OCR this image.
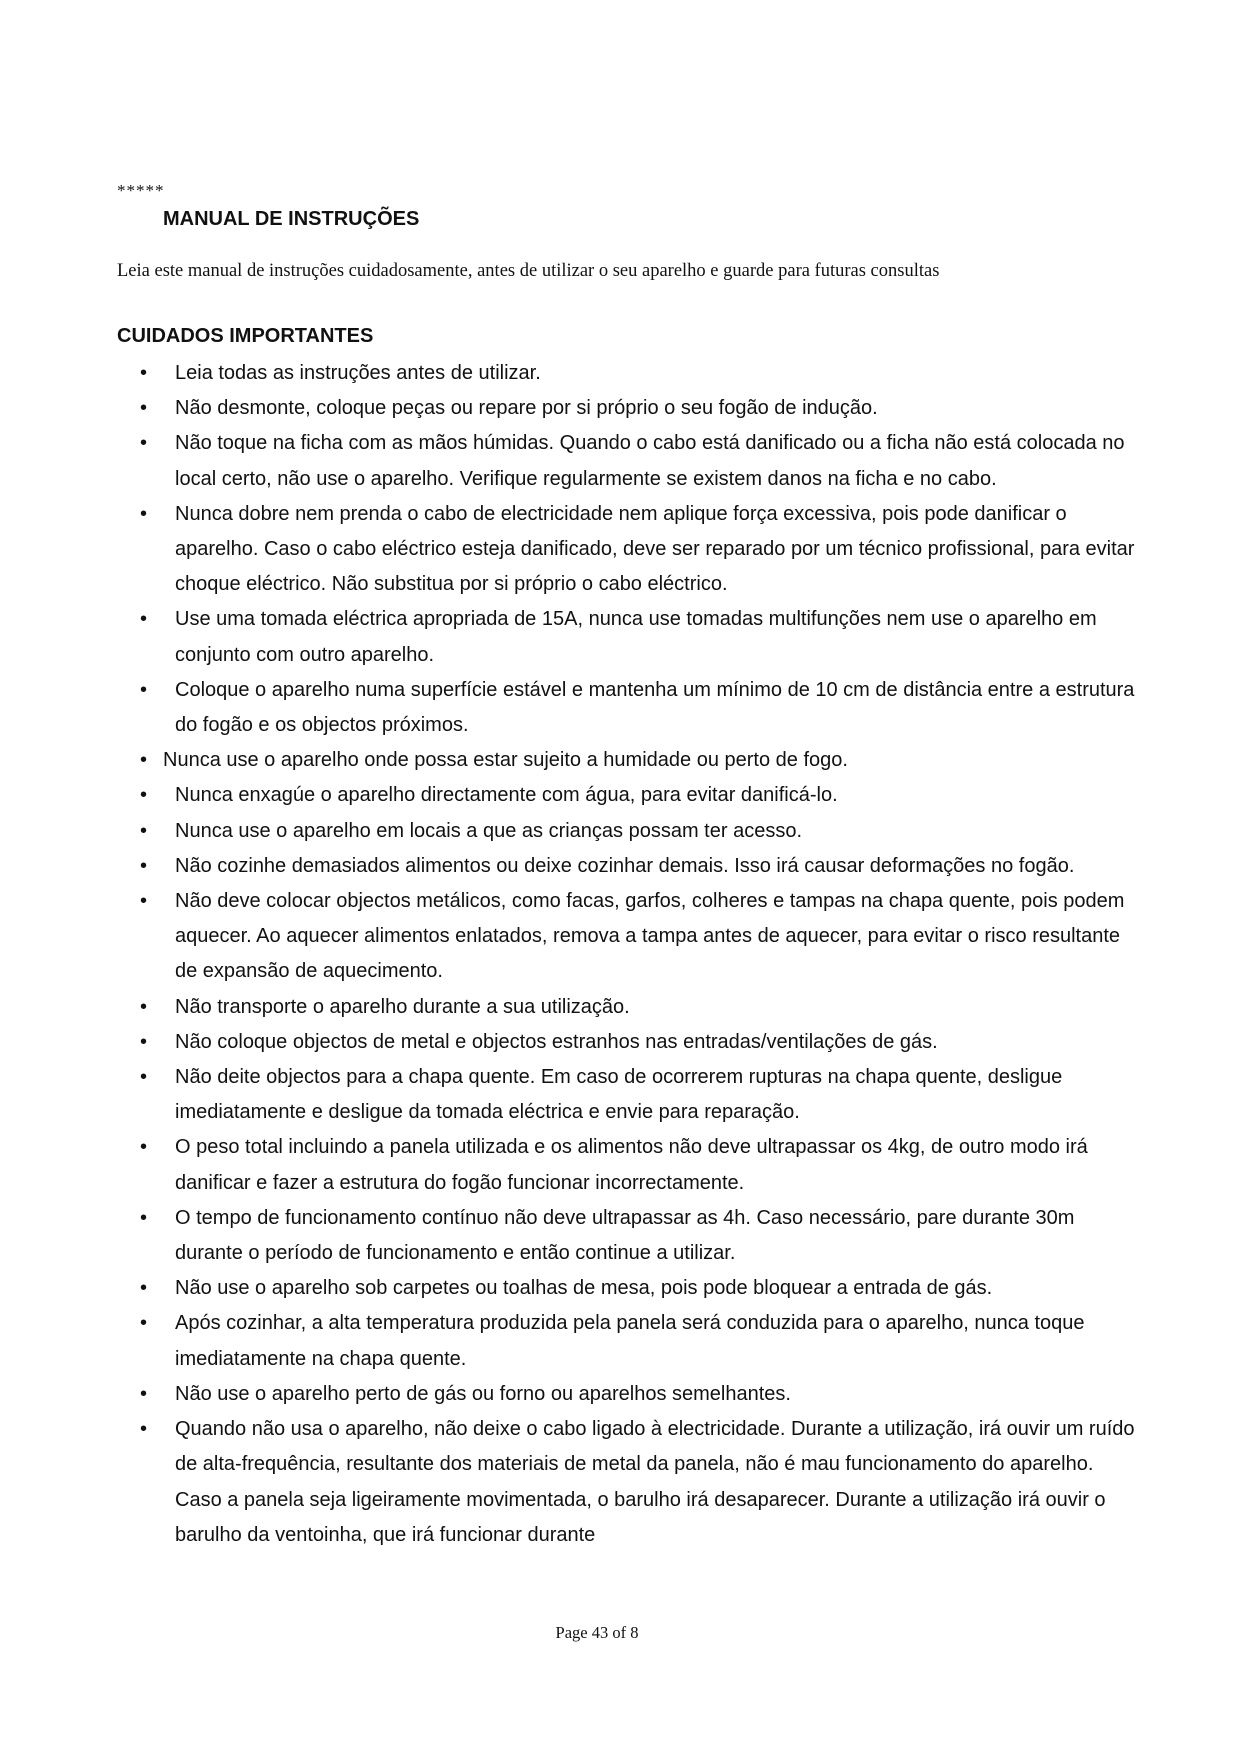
*****
MANUAL DE INSTRUÇÕES

Leia este manual de instruções cuidadosamente, antes de utilizar o seu aparelho e guarde para futuras consultas

CUIDADOS IMPORTANTES
• Leia todas as instruções antes de utilizar.
• Não desmonte, coloque peças ou repare por si próprio o seu fogão de indução.
• Não toque na ficha com as mãos húmidas. Quando o cabo está danificado ou a ficha não está colocada no local certo, não use o aparelho. Verifique regularmente se existem danos na ficha e no cabo.
• Nunca dobre nem prenda o cabo de electricidade nem aplique força excessiva, pois pode danificar o aparelho. Caso o cabo eléctrico esteja danificado, deve ser reparado por um técnico profissional, para evitar choque eléctrico. Não substitua por si próprio o cabo eléctrico.
• Use uma tomada eléctrica apropriada de 15A, nunca use tomadas multifunções nem use o aparelho em conjunto com outro aparelho.
• Coloque o aparelho numa superfície estável e mantenha um mínimo de 10 cm de distância entre a estrutura do fogão e os objectos próximos.
• Nunca use o aparelho onde possa estar sujeito a humidade ou perto de fogo.
• Nunca enxagúe o aparelho directamente com água, para evitar danificá-lo.
• Nunca use o aparelho em locais a que as crianças possam ter acesso.
• Não cozinhe demasiados alimentos ou deixe cozinhar demais. Isso irá causar deformações no fogão.
• Não deve colocar objectos metálicos, como facas, garfos, colheres e tampas na chapa quente, pois podem aquecer. Ao aquecer alimentos enlatados, remova a tampa antes de aquecer, para evitar o risco resultante de expansão de aquecimento.
• Não transporte o aparelho durante a sua utilização.
• Não coloque objectos de metal e objectos estranhos nas entradas/ventilações de gás.
• Não deite objectos para a chapa quente. Em caso de ocorrerem rupturas na chapa quente, desligue imediatamente e desligue da tomada eléctrica e envie para reparação.
• O peso total incluindo a panela utilizada e os alimentos não deve ultrapassar os 4kg, de outro modo irá danificar e fazer a estrutura do fogão funcionar incorrectamente.
• O tempo de funcionamento contínuo não deve ultrapassar as 4h. Caso necessário, pare durante 30m durante o período de funcionamento e então continue a utilizar.
• Não use o aparelho sob carpetes ou toalhas de mesa, pois pode bloquear a entrada de gás.
• Após cozinhar, a alta temperatura produzida pela panela será conduzida para o aparelho, nunca toque imediatamente na chapa quente.
• Não use o aparelho perto de gás ou forno ou aparelhos semelhantes.
• Quando não usa o aparelho, não deixe o cabo ligado à electricidade. Durante a utilização, irá ouvir um ruído de alta-frequência, resultante dos materiais de metal da panela, não é mau funcionamento do aparelho. Caso a panela seja ligeiramente movimentada, o barulho irá desaparecer. Durante a utilização irá ouvir o barulho da ventoinha, que irá funcionar durante

Page 43 of 8
